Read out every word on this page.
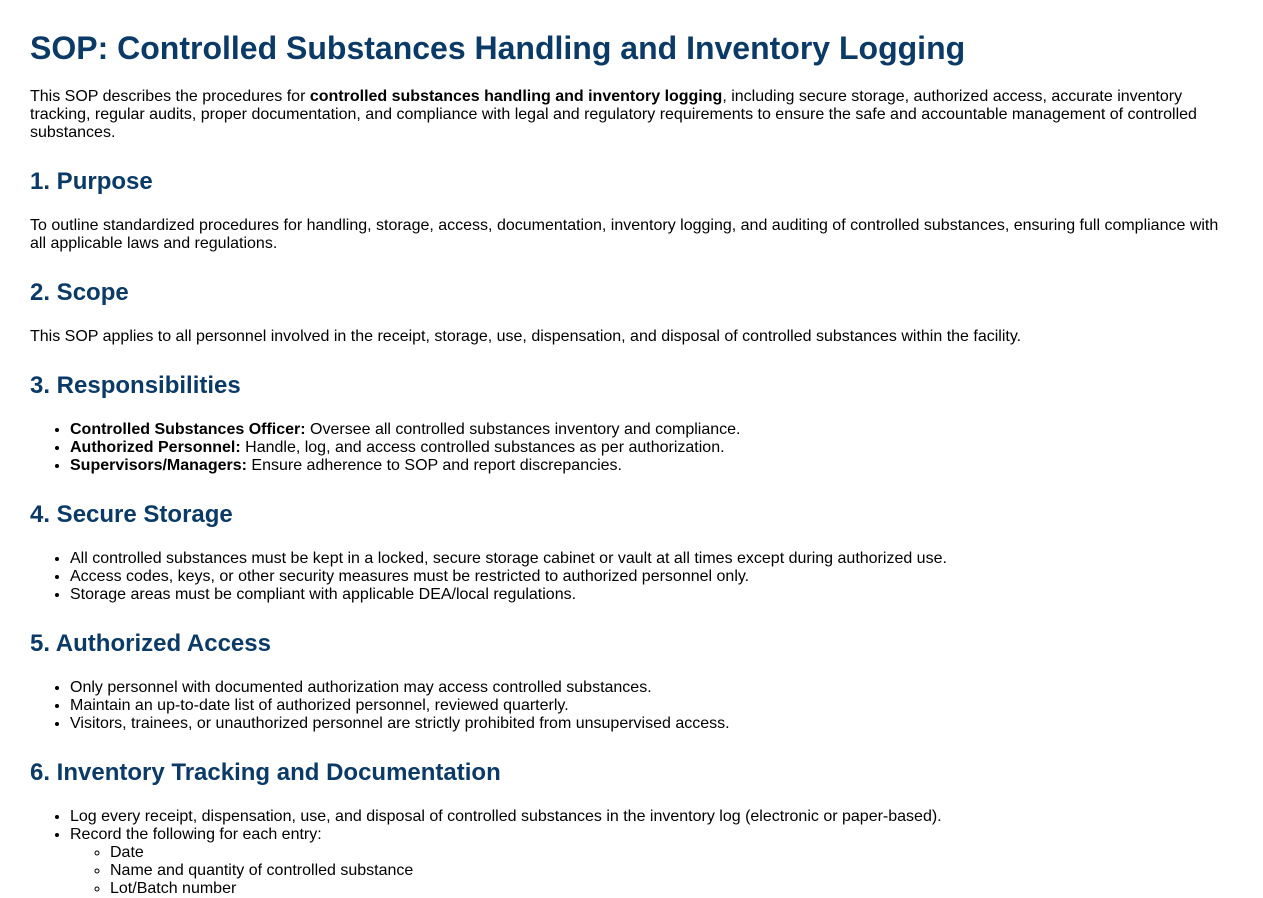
SOP: Controlled Substances Handling and Inventory Logging

This SOP describes the procedures for controlled substances handling and inventory logging, including secure storage, authorized access, accurate inventory tracking, regular audits, proper documentation, and compliance with legal and regulatory requirements to ensure the safe and accountable management of controlled substances.

1. Purpose

To outline standardized procedures for handling, storage, access, documentation, inventory logging, and auditing of controlled substances, ensuring full compliance with all applicable laws and regulations.

2. Scope

This SOP applies to all personnel involved in the receipt, storage, use, dispensation, and disposal of controlled substances within the facility.

3. Responsibilities
• Controlled Substances Officer: Oversee all controlled substances inventory and compliance.
• Authorized Personnel: Handle, log, and access controlled substances as per authorization.
• Supervisors/Managers: Ensure adherence to SOP and report discrepancies.
4. Secure Storage
• All controlled substances must be kept in a locked, secure storage cabinet or vault at all times except during authorized use.
• Access codes, keys, or other security measures must be restricted to authorized personnel only.
• Storage areas must be compliant with applicable DEA/local regulations.
5. Authorized Access
• Only personnel with documented authorization may access controlled substances.
• Maintain an up-to-date list of authorized personnel, reviewed quarterly.
• Visitors, trainees, or unauthorized personnel are strictly prohibited from unsupervised access.
6. Inventory Tracking and Documentation
• Log every receipt, dispensation, use, and disposal of controlled substances in the inventory log (electronic or paper-based).
• Record the following for each entry:
◦ Date
◦ Name and quantity of controlled substance
◦ Lot/Batch number
